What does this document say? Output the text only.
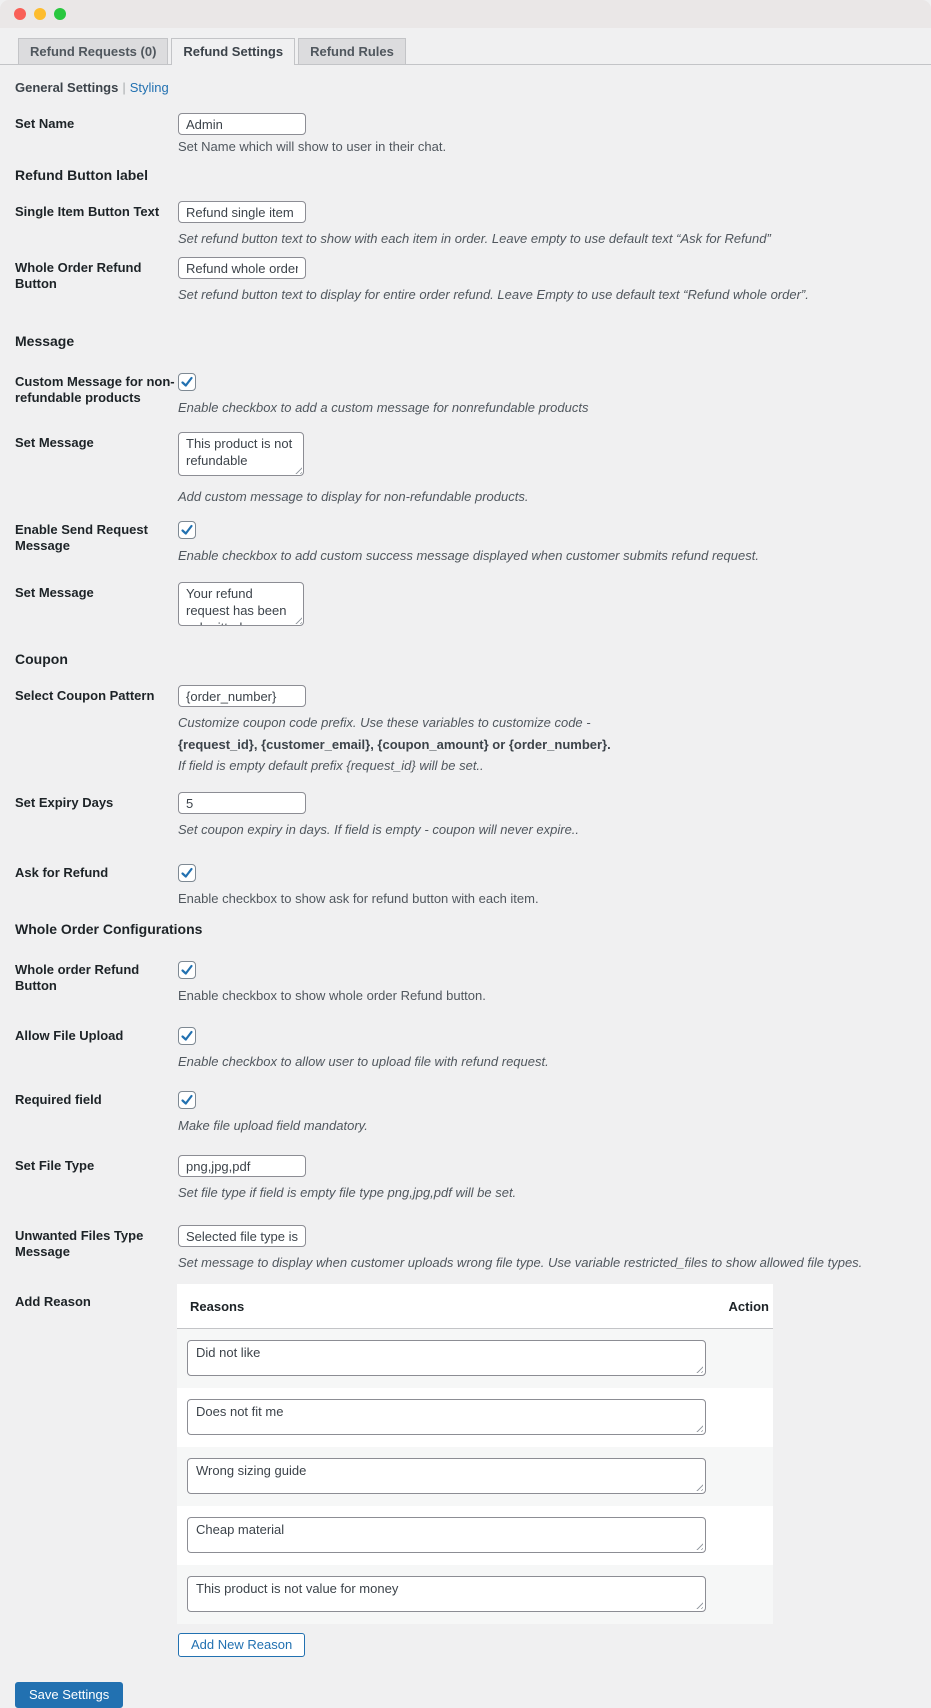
Refund Requests (0)	Refund Settings	Refund Rules
General Settings | Styling
Set Name
Admin
Set Name which will show to user in their chat.
Refund Button label
Single Item Button Text
Refund single item
Set refund button text to show with each item in order. Leave empty to use default text “Ask for Refund”
Whole Order Refund Button
Refund whole order
Set refund button text to display for entire order refund. Leave Empty to use default text “Refund whole order”.
Message
Custom Message for non-refundable products
Enable checkbox to add a custom message for nonrefundable products
Set Message
This product is not refundable
Add custom message to display for non-refundable products.
Enable Send Request Message
Enable checkbox to add custom success message displayed when customer submits refund request.
Set Message
Your refund request has been submitted
Coupon
Select Coupon Pattern
{order_number}
Customize coupon code prefix. Use these variables to customize code -
{request_id}, {customer_email}, {coupon_amount} or {order_number}.
If field is empty default prefix {request_id} will be set..
Set Expiry Days
5
Set coupon expiry in days. If field is empty - coupon will never expire..
Ask for Refund
Enable checkbox to show ask for refund button with each item.
Whole Order Configurations
Whole order Refund Button
Enable checkbox to show whole order Refund button.
Allow File Upload
Enable checkbox to allow user to upload file with refund request.
Required field
Make file upload field mandatory.
Set File Type
png,jpg,pdf
Set file type if field is empty file type png,jpg,pdf will be set.
Unwanted Files Type Message
Selected file type is not
Set message to display when customer uploads wrong file type. Use variable restricted_files to show allowed file types.
Add Reason	Reasons	Action
Did not like
Does not fit me
Wrong sizing guide
Cheap material
This product is not value for money
Add New Reason
Save Settings
